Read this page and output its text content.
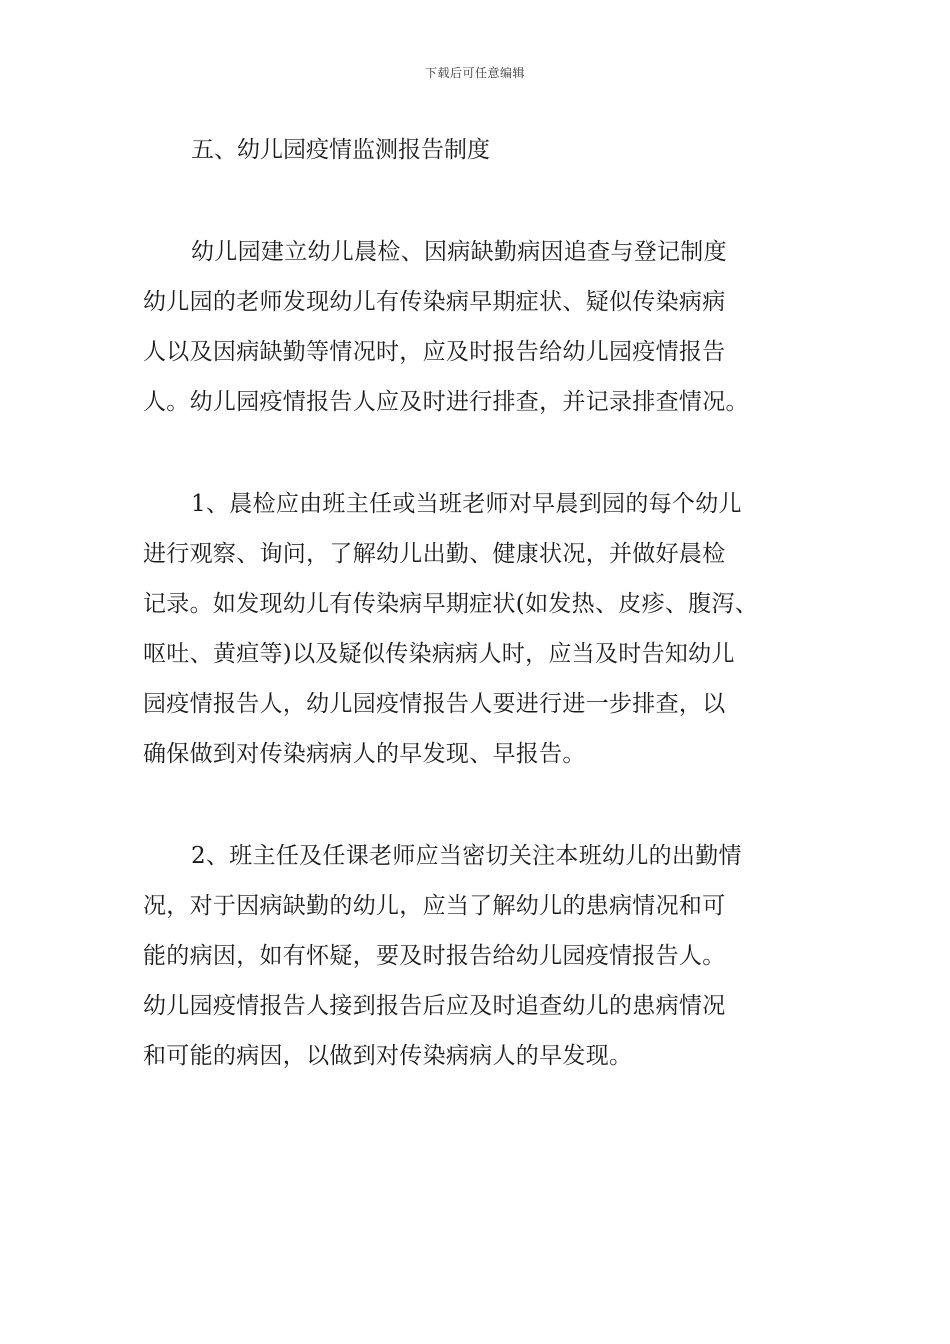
下载后可任意编辑
五、幼儿园疫情监测报告制度

幼儿园建立幼儿晨检、因病缺勤病因追查与登记制度
幼儿园的老师发现幼儿有传染病早期症状、疑似传染病病
人以及因病缺勤等情况时，应及时报告给幼儿园疫情报告
人。幼儿园疫情报告人应及时进行排查，并记录排查情况。

1、晨检应由班主任或当班老师对早晨到园的每个幼儿
进行观察、询问，了解幼儿出勤、健康状况，并做好晨检
记录。如发现幼儿有传染病早期症状(如发热、皮疹、腹泻、
呕吐、黄疸等)以及疑似传染病病人时，应当及时告知幼儿
园疫情报告人，幼儿园疫情报告人要进行进一步排查，以
确保做到对传染病病人的早发现、早报告。

2、班主任及任课老师应当密切关注本班幼儿的出勤情
况，对于因病缺勤的幼儿，应当了解幼儿的患病情况和可
能的病因，如有怀疑，要及时报告给幼儿园疫情报告人。
幼儿园疫情报告人接到报告后应及时追查幼儿的患病情况
和可能的病因，以做到对传染病病人的早发现。
